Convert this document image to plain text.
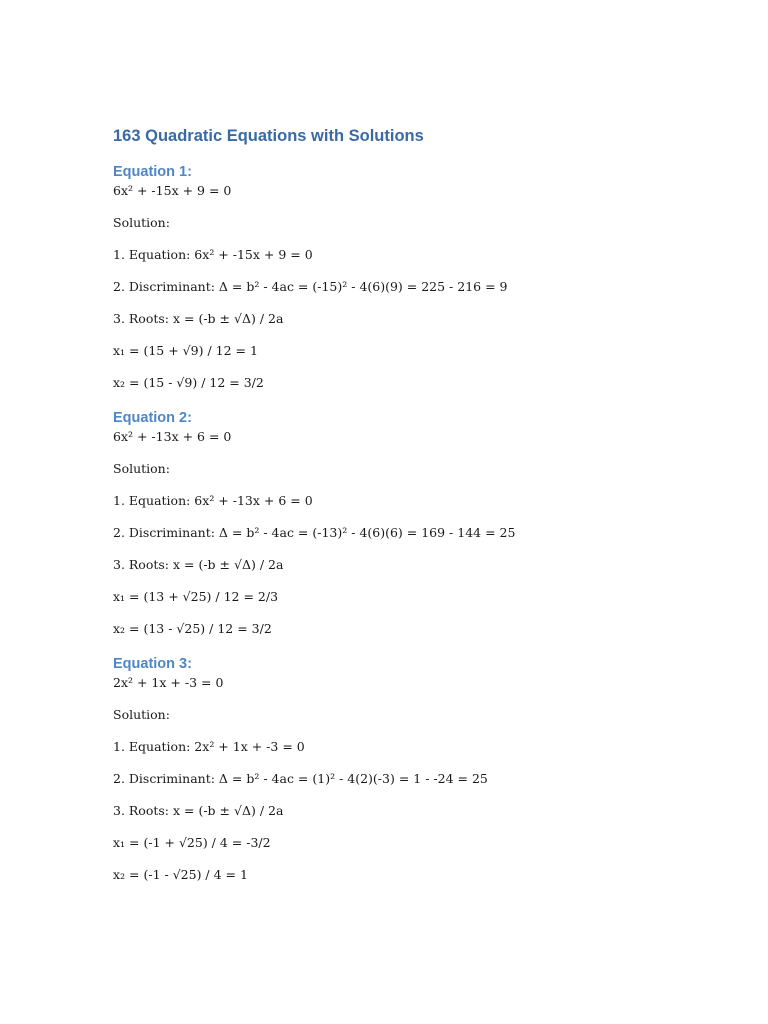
163 Quadratic Equations with Solutions
Equation 1:

6x² + -15x + 9 = 0

Solution:

1. Equation: 6x² + -15x + 9 = 0

2. Discriminant: Δ = b² - 4ac = (-15)² - 4(6)(9) = 225 - 216 = 9

3. Roots: x = (-b ± √Δ) / 2a

x₁ = (15 + √9) / 12 = 1

x₂ = (15 - √9) / 12 = 3/2

Equation 2:

6x² + -13x + 6 = 0

Solution:

1. Equation: 6x² + -13x + 6 = 0

2. Discriminant: Δ = b² - 4ac = (-13)² - 4(6)(6) = 169 - 144 = 25

3. Roots: x = (-b ± √Δ) / 2a

x₁ = (13 + √25) / 12 = 2/3

x₂ = (13 - √25) / 12 = 3/2

Equation 3:

2x² + 1x + -3 = 0

Solution:

1. Equation: 2x² + 1x + -3 = 0

2. Discriminant: Δ = b² - 4ac = (1)² - 4(2)(-3) = 1 - -24 = 25

3. Roots: x = (-b ± √Δ) / 2a

x₁ = (-1 + √25) / 4 = -3/2

x₂ = (-1 - √25) / 4 = 1
